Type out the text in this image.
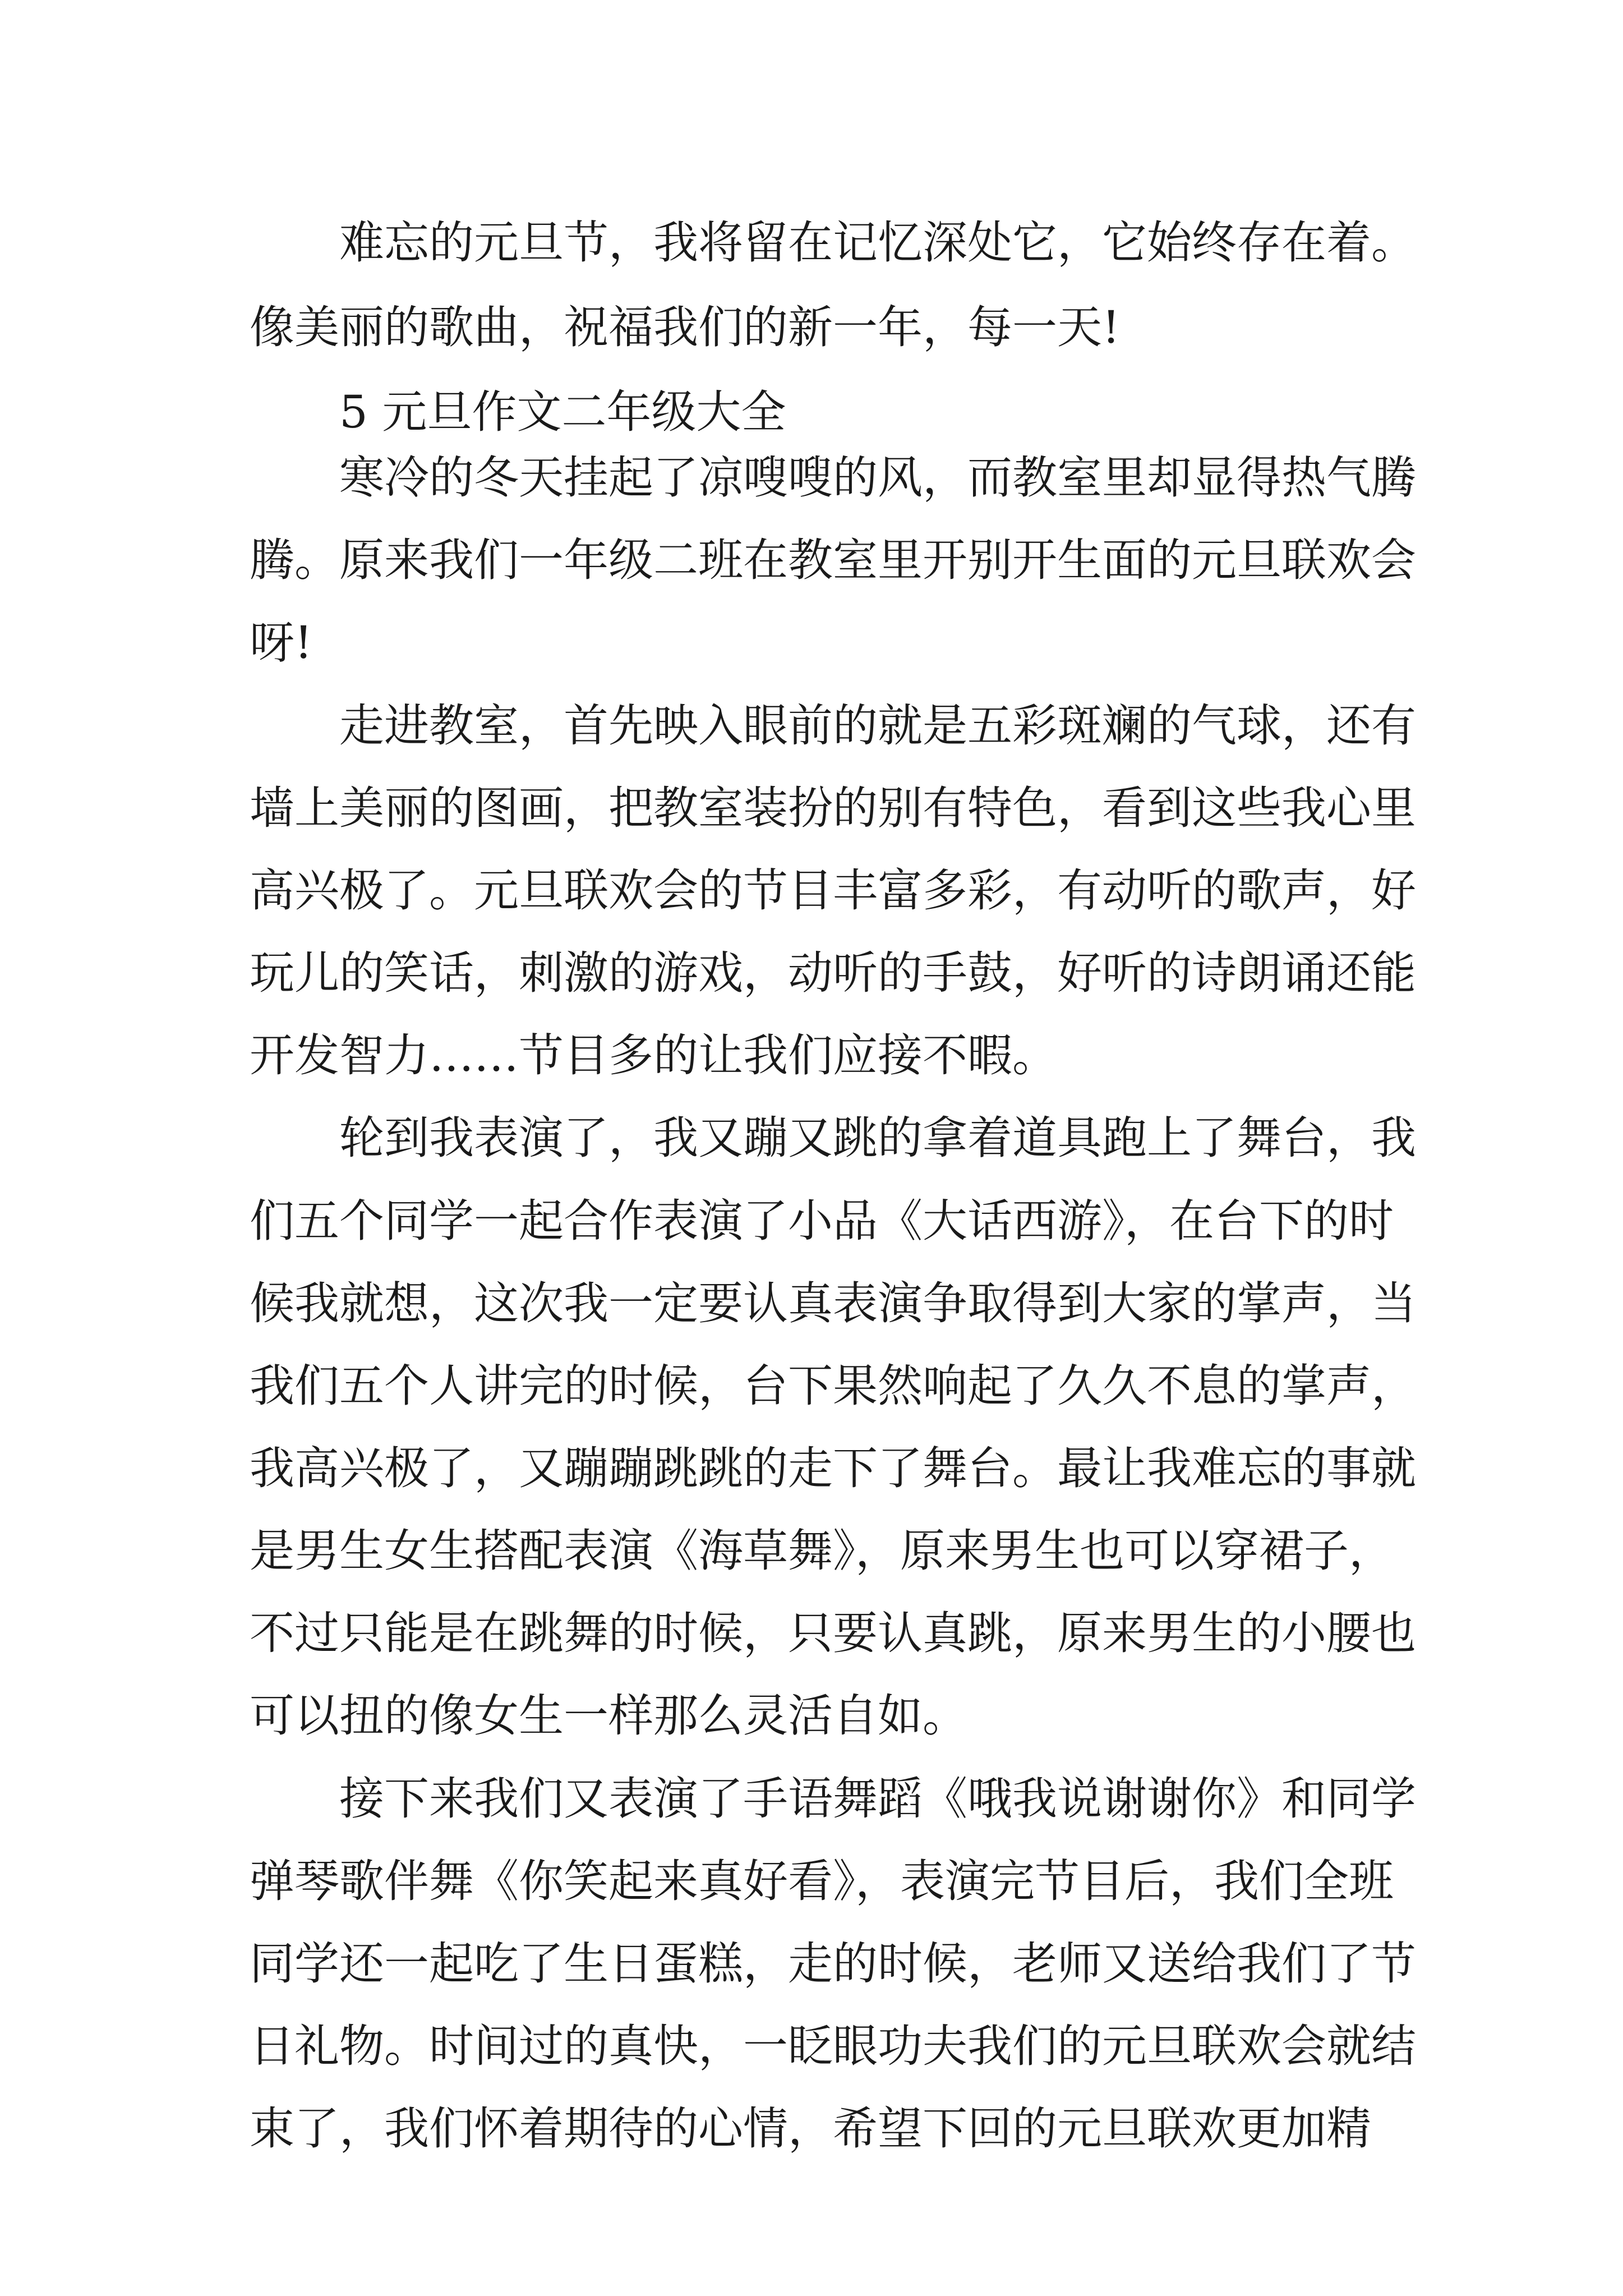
难忘的元旦节，我将留在记忆深处它，它始终存在着。
像美丽的歌曲，祝福我们的新一年，每一天!
5 元旦作文二年级大全
寒冷的冬天挂起了凉嗖嗖的风，而教室里却显得热气腾
腾。原来我们一年级二班在教室里开别开生面的元旦联欢会
呀!
走进教室，首先映入眼前的就是五彩斑斓的气球，还有
墙上美丽的图画，把教室装扮的别有特色，看到这些我心里
高兴极了。元旦联欢会的节目丰富多彩，有动听的歌声，好
玩儿的笑话，刺激的游戏，动听的手鼓，好听的诗朗诵还能
开发智力……节目多的让我们应接不暇。
轮到我表演了，我又蹦又跳的拿着道具跑上了舞台，我
们五个同学一起合作表演了小品《大话西游》，在台下的时
候我就想，这次我一定要认真表演争取得到大家的掌声，当
我们五个人讲完的时候，台下果然响起了久久不息的掌声，
我高兴极了，又蹦蹦跳跳的走下了舞台。最让我难忘的事就
是男生女生搭配表演《海草舞》，原来男生也可以穿裙子，
不过只能是在跳舞的时候，只要认真跳，原来男生的小腰也
可以扭的像女生一样那么灵活自如。
接下来我们又表演了手语舞蹈《哦我说谢谢你》和同学
弹琴歌伴舞《你笑起来真好看》，表演完节目后，我们全班
同学还一起吃了生日蛋糕，走的时候，老师又送给我们了节
日礼物。时间过的真快，一眨眼功夫我们的元旦联欢会就结
束了，我们怀着期待的心情，希望下回的元旦联欢更加精
